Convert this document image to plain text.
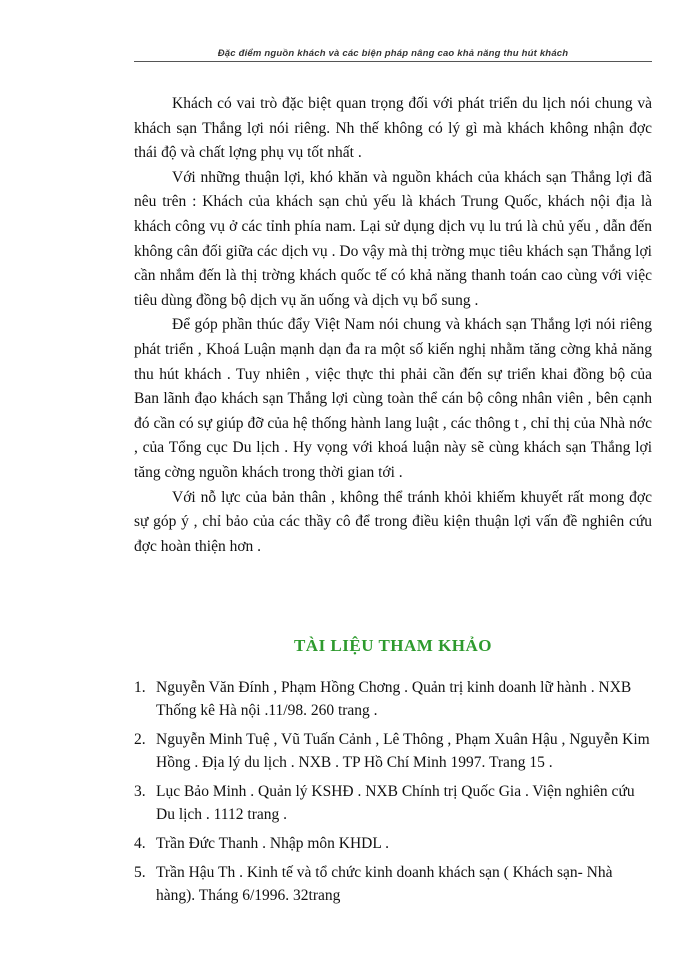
Đặc điểm nguồn khách và các biện pháp nâng cao khả năng thu hút khách

Khách có vai trò đặc biệt quan trọng đối với phát triển du lịch nói chung và khách sạn Thắng lợi nói riêng. Nh thế không có lý gì mà khách không nhận đợc thái độ và chất lợng phụ vụ tốt nhất .

Với những thuận lợi, khó khăn và nguồn khách của khách sạn Thắng lợi đã nêu trên : Khách của khách sạn chủ yếu là khách Trung Quốc, khách nội địa là khách công vụ ở các tỉnh phía nam. Lại sử dụng dịch vụ lu trú là chủ yếu , dẫn đến không cân đối giữa các dịch vụ . Do vậy mà thị trờng mục tiêu khách sạn Thắng lợi cần nhắm đến là thị trờng khách quốc tế có khả năng thanh toán cao cùng với việc tiêu dùng đồng bộ dịch vụ ăn uống và dịch vụ bổ sung .

Để góp phần thúc đẩy Việt Nam nói chung và khách sạn Thắng lợi nói riêng phát triển , Khoá Luận mạnh dạn đa ra một số kiến nghị nhằm tăng cờng khả năng thu hút khách . Tuy nhiên , việc thực thi phải cần đến sự triển khai đồng bộ của Ban lãnh đạo khách sạn Thắng lợi cùng toàn thể cán bộ công nhân viên , bên cạnh đó cần có sự giúp đỡ của hệ thống hành lang luật , các thông t , chỉ thị của Nhà nớc , của Tổng cục Du lịch . Hy vọng với khoá luận này sẽ cùng khách sạn Thắng lợi tăng cờng nguồn khách trong thời gian tới .

Với nỗ lực của bản thân , không thể tránh khỏi khiếm khuyết rất mong đợc sự góp ý , chỉ bảo của các thầy cô để trong điều kiện thuận lợi vấn đề nghiên cứu đợc hoàn thiện hơn .

TÀI LIỆU THAM KHẢO
1. Nguyễn Văn Đính , Phạm Hồng Chơng . Quản trị kinh doanh lữ hành . NXB Thống kê Hà nội .11/98. 260 trang .
2. Nguyễn Minh Tuệ , Vũ Tuấn Cảnh , Lê Thông , Phạm Xuân Hậu , Nguyễn Kim Hồng . Địa lý du lịch . NXB . TP Hồ Chí Minh 1997. Trang 15 .
3. Lục Bảo Minh . Quản lý KSHĐ . NXB Chính trị Quốc Gia . Viện nghiên cứu Du lịch . 1112 trang .
4. Trần Đức Thanh . Nhập môn KHDL .
5. Trần Hậu Th . Kinh tế và tổ chức kinh doanh khách sạn ( Khách sạn- Nhà hàng). Tháng 6/1996. 32trang
